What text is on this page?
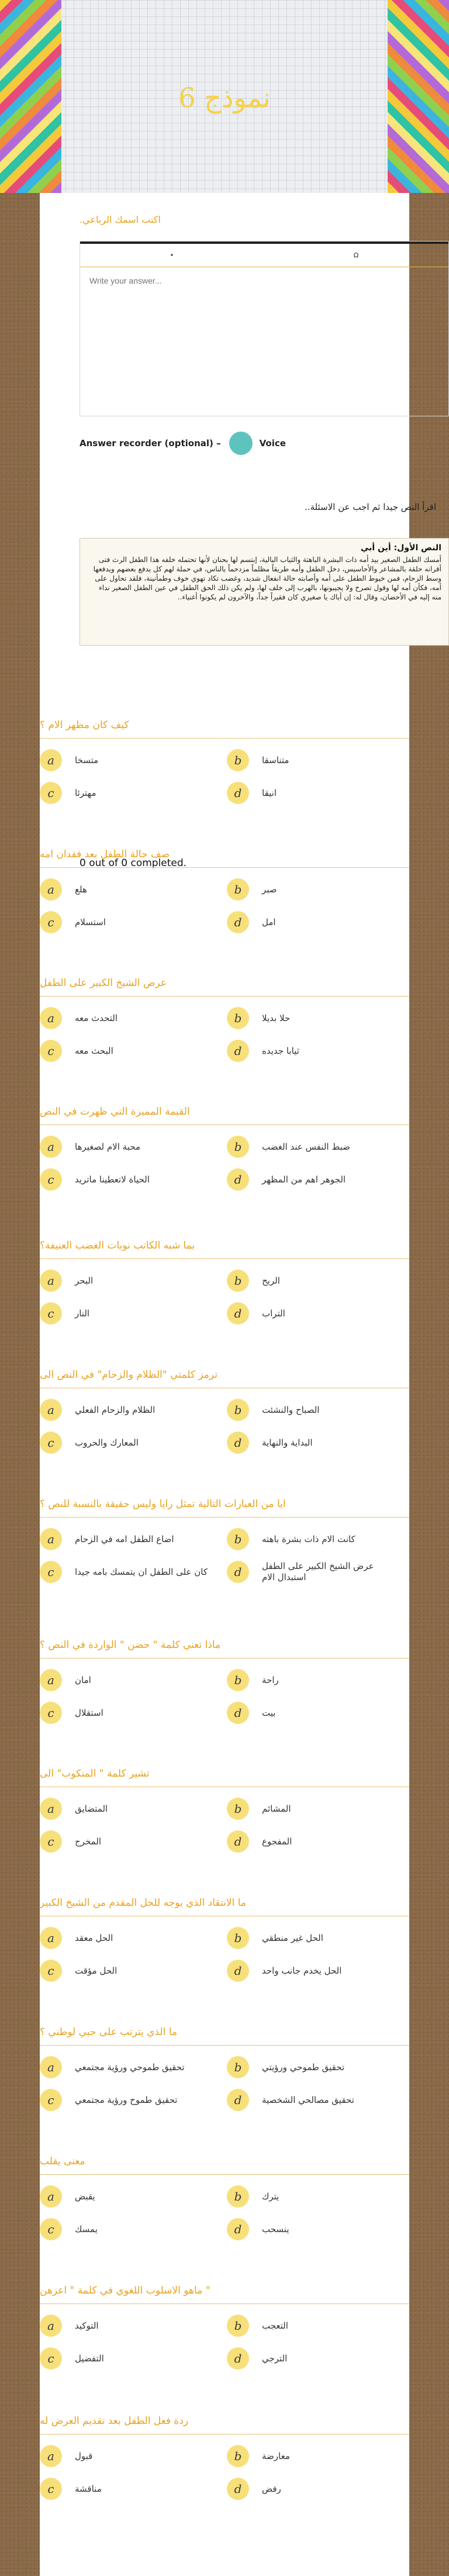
نموذج 6
اكتب اسمك الرباعي.
•	Ω
Write your answer...
Answer recorder (optional) –	Voice
اقرأ النص جيدا ثم اجب عن الاسئلة..
النص الأول: أين أبي
أمسك الطفل الصغير بيد أمه ذات البشرة الباهتة والثياب البالية، إبتسم لها بحنان لأنها تحتمله خلفه هذا الطفل الرث فتى أقرانه حلقة بالمشاعر والأحاسيس، دخل الطفل وأمه طريقاً مظلماً مزدحماً بالناس، في حملة لهم كل يدفع بعضهم ويدفعها وسط الزحام، فمن خيوط الطفل على أمه وأصابته حالة انفعال شديد، وغضب تكاد تهوي خوف وطمأنينة، فلقد تحاول على أمه، فكأن أمه لها وقول تصرخ ولا يجيبونها، بالهرب إلى خلف لها، ولم يكن ذلك الحق الطفل في عين الطفل الصغير نداء منه إليه في الأحضان، وقال له: إن أباك يا صغيري كان فقيراً جداً، والآخرون لم يكونوا أغنياء..
0 out of 0 completed.
كيف كان مظهر الام ؟
a	متسخا	b	متناسقا
c	مهترئا	d	انيقا
صف حالة الطفل بعد فقدان امه
a	هلع	b	صبر
c	استسلام	d	امل
عرض الشيخ الكبير على الطفل
a	التحدث معه	b	حلا بديلا
c	البحث معه	d	ثيابا جديده
القيمة المميزة التي ظهرت في النص
a	محبة الام لصغيرها	b	ضبط النفس عند الغضب
c	الحياة لاتعطينا ماتريد	d	الجوهر اهم من المظهر
بما شبه الكاتب نوبات الغضب العنيفة؟
a	البحر	b	الريح
c	النار	d	التراب
ترمز كلمتي "الظلام والزحام" في النص الى
a	الظلام والزحام الفعلي	b	الصباح والنشئت
c	المعارك والحروب	d	البداية والنهاية
ايا من العبارات التالية تمثل رايا وليس حقيقة بالنسبة للنص ؟
a	اضاع الطفل امه في الزحام	b	كانت الام ذات بشرة باهته
c	كان على الطفل ان يتمسك بامه جيدا	d	عرض الشيخ الكبير على الطفل استبدال الام
ماذا تعني كلمة " حضن " الواردة في النص ؟
a	امان	b	راحة
c	استقلال	d	بيت
تشير كلمة " المنكوب" الى
a	المتضايق	b	المشائم
c	المخرج	d	المفجوع
ما الانتقاد الذي يوجه للحل المقدم من الشيخ الكبير
a	الحل معقد	b	الحل غير منطقي
c	الحل مؤقت	d	الحل يخدم جانب واحد
ما الذي يترتب على حبي لوطني ؟
a	تحقيق طموحي ورؤية مجتمعي	b	تحقيق طموحي ورؤيتي
c	تحقيق طموح ورؤية مجتمعي	d	تحقيق مصالحي الشخصية
معنى يقلب
a	يقبض	b	يترك
c	يمسك	d	ينسحب
ماهو الاسلوب اللغوي في كلمة " اعزهن "
a	التوكيد	b	التعجب
c	التفضيل	d	الترجي
ردة فعل الطفل بعد تقديم العرض له
a	قبول	b	معارضة
c	مناقشة	d	رفض
